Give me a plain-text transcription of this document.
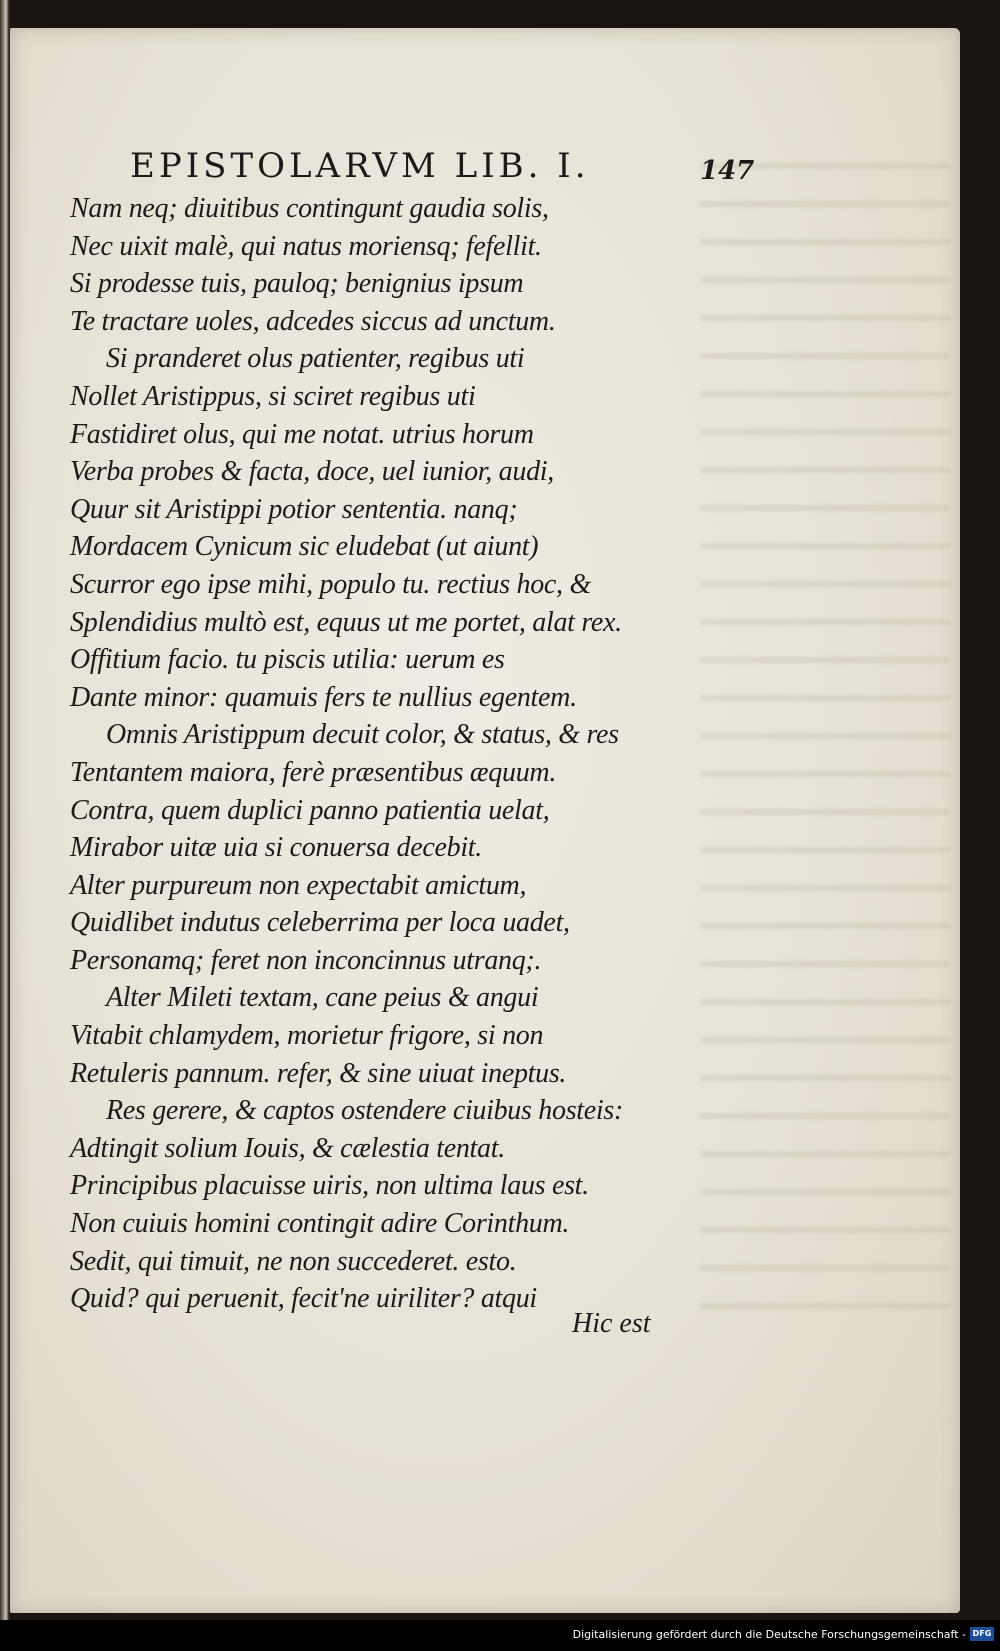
EPISTOLARVM LIB. I.	147
Nam neq; diuitibus contingunt gaudia solis,
Nec uixit malè, qui natus moriensq; fefellit.
Si prodesse tuis, pauloq; benignius ipsum
Te tractare uoles, adcedes siccus ad unctum.
Si pranderet olus patienter, regibus uti
Nollet Aristippus, si sciret regibus uti
Fastidiret olus, qui me notat. utrius horum
Verba probes & facta, doce, uel iunior, audi,
Quur sit Aristippi potior sententia. nanq;
Mordacem Cynicum sic eludebat (ut aiunt)
Scurror ego ipse mihi, populo tu. rectius hoc, &
Splendidius multò est, equus ut me portet, alat rex.
Offitium facio. tu piscis utilia: uerum es
Dante minor: quamuis fers te nullius egentem.
Omnis Aristippum decuit color, & status, & res
Tentantem maiora, ferè præsentibus æquum.
Contra, quem duplici panno patientia uelat,
Mirabor uitæ uia si conuersa decebit.
Alter purpureum non expectabit amictum,
Quidlibet indutus celeberrima per loca uadet,
Personamq; feret non inconcinnus utranq;.
Alter Mileti textam, cane peius & angui
Vitabit chlamydem, morietur frigore, si non
Retuleris pannum. refer, & sine uiuat ineptus.
Res gerere, & captos ostendere ciuibus hosteis:
Adtingit solium Iouis, & cælestia tentat.
Principibus placuisse uiris, non ultima laus est.
Non cuiuis homini contingit adire Corinthum.
Sedit, qui timuit, ne non succederet. esto.
Quid? qui peruenit, fecit'ne uiriliter? atqui
Hic est
Digitalisierung gefördert durch die Deutsche Forschungsgemeinschaft - DFG
